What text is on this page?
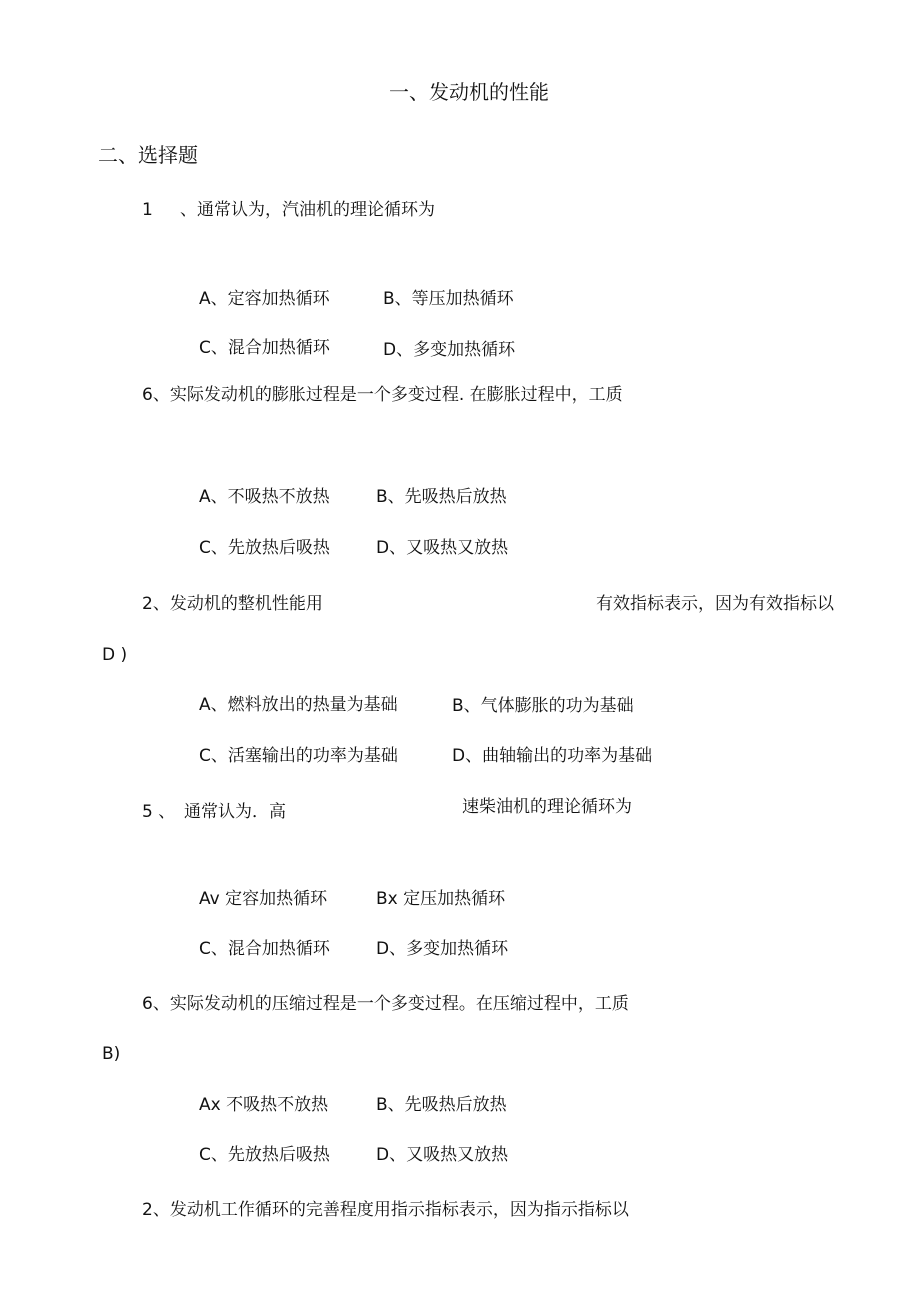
一、发动机的性能
二、选择题
1 、通常认为，汽油机的理论循环为
A、定容加热循环	B、等压加热循环
C、混合加热循环	D、多变加热循环
6、实际发动机的膨胀过程是一个多变过程. 在膨胀过程中，工质
A、不吸热不放热	B、先吸热后放热
C、先放热后吸热	D、又吸热又放热
2、发动机的整机性能用	有效指标表示，因为有效指标以
D )
A、燃料放出的热量为基础	B、气体膨胀的功为基础
C、活塞输出的功率为基础	D、曲轴输出的功率为基础
5 、 通常认为．高	速柴油机的理论循环为
Av 定容加热循环	Bx 定压加热循环
C、混合加热循环	D、多变加热循环
6、实际发动机的压缩过程是一个多变过程。在压缩过程中，工质
B)
Ax 不吸热不放热	B、先吸热后放热
C、先放热后吸热	D、又吸热又放热
2、发动机工作循环的完善程度用指示指标表示，因为指示指标以
